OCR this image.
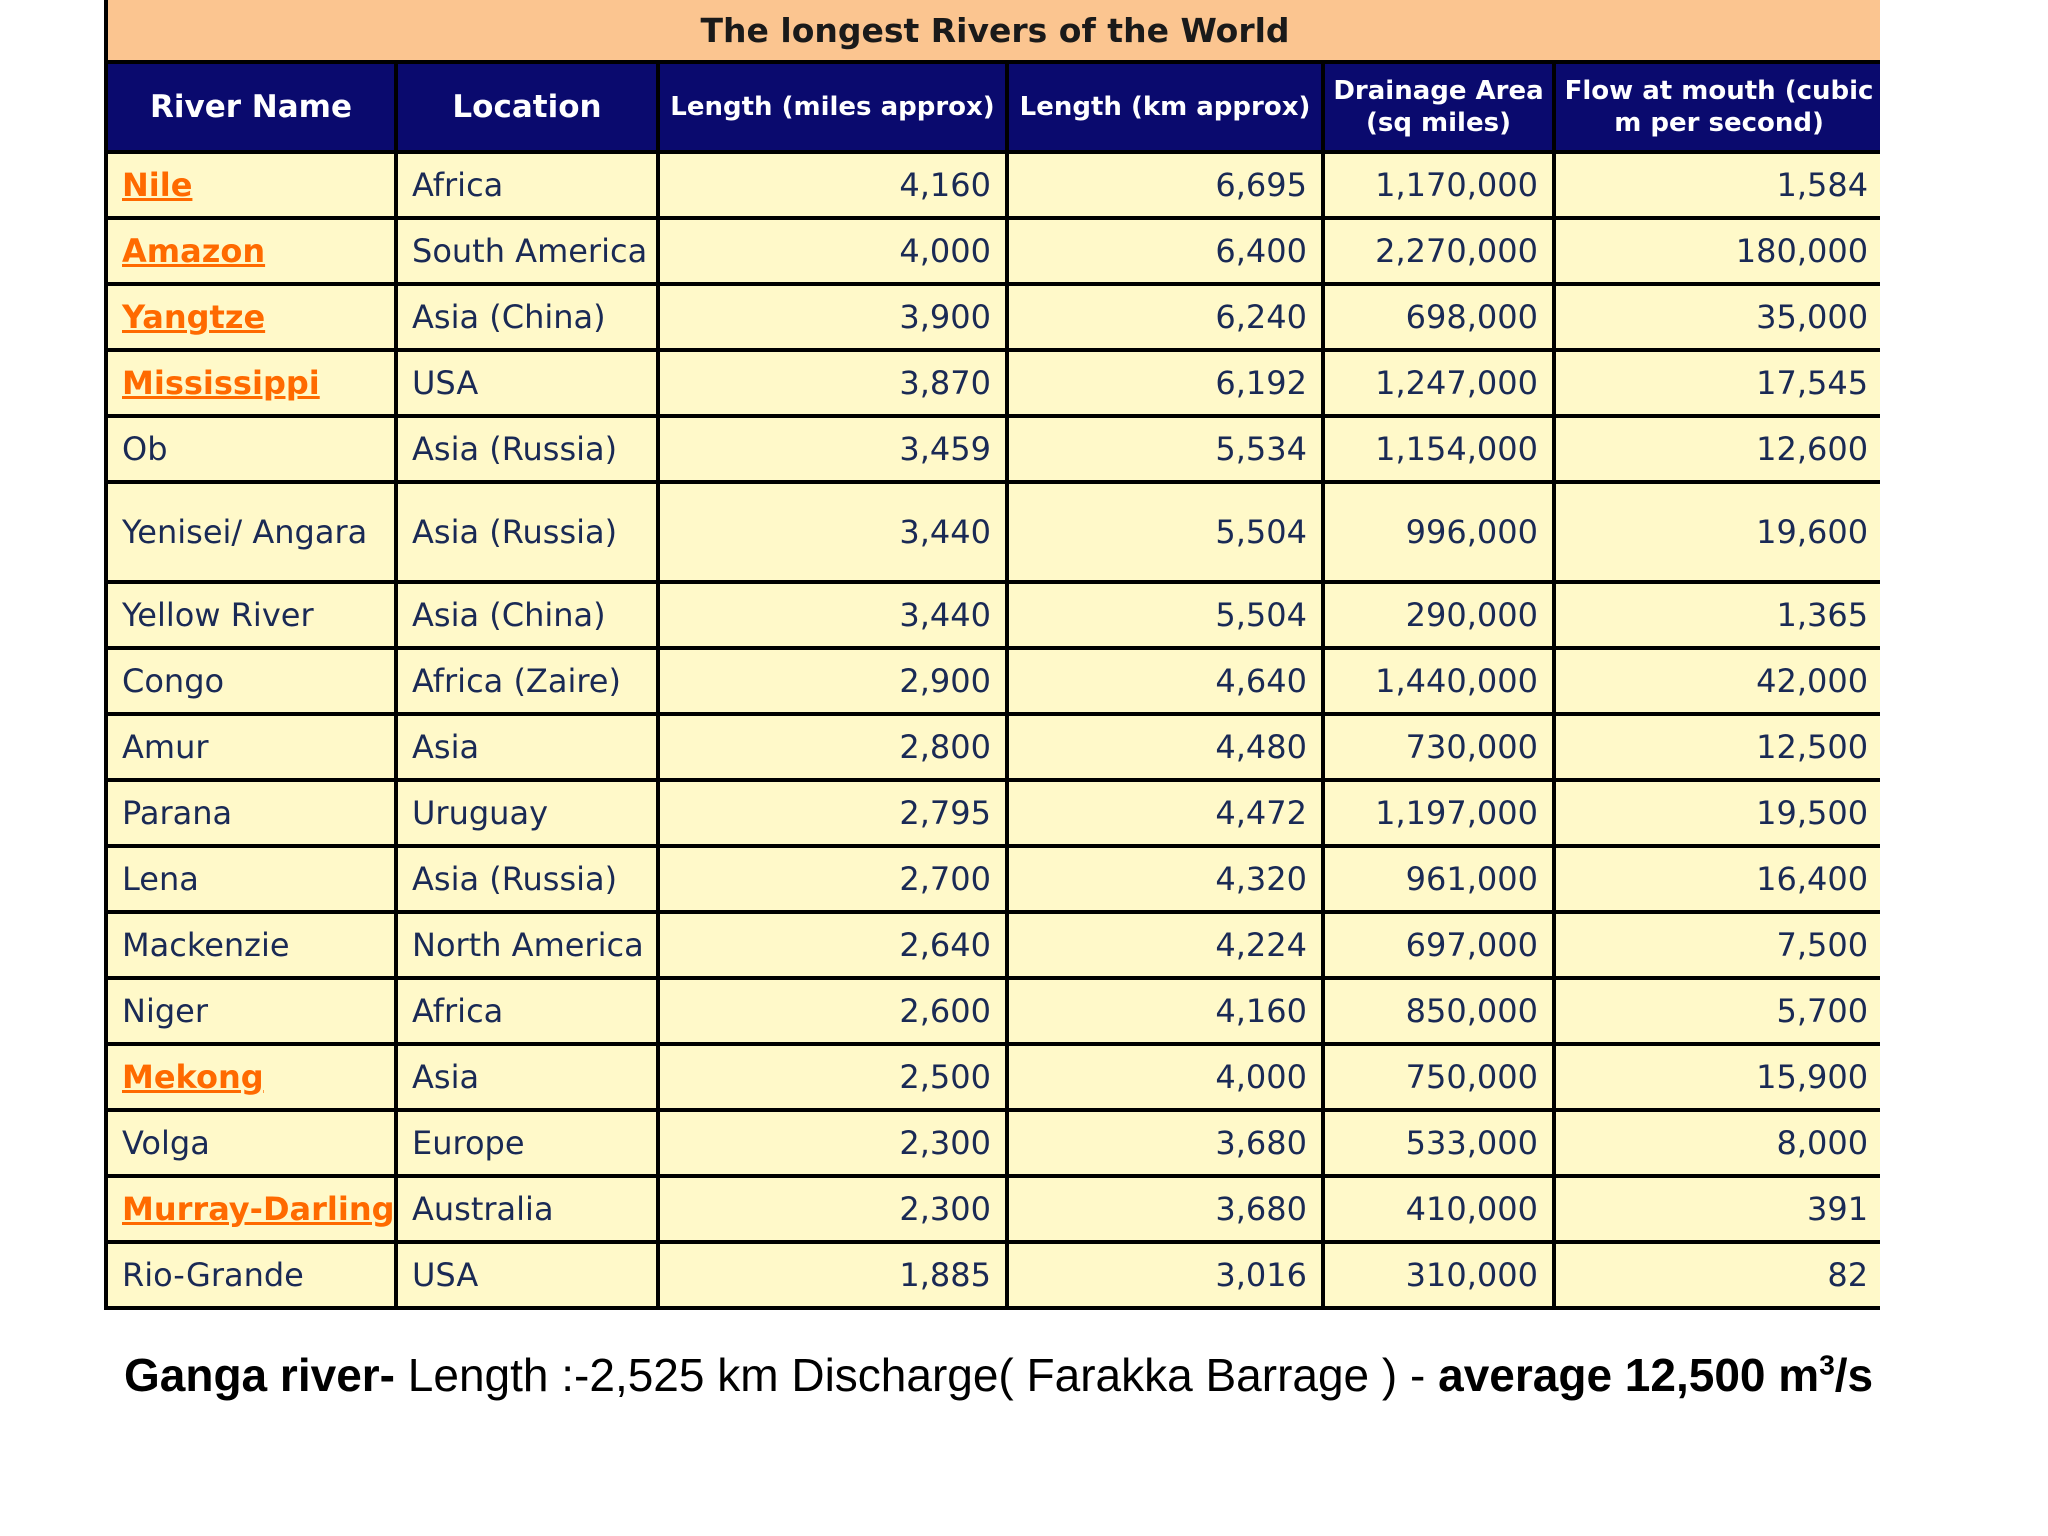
The longest Rivers of the World					
River Name	Location	Length (miles approx)	Length (km approx)	Drainage Area (sq miles)	Flow at mouth (cubic m per second)
Nile	Africa	4,160	6,695	1,170,000	1,584
Amazon	South America	4,000	6,400	2,270,000	180,000
Yangtze	Asia (China)	3,900	6,240	698,000	35,000
Mississippi	USA	3,870	6,192	1,247,000	17,545
Ob	Asia (Russia)	3,459	5,534	1,154,000	12,600
Yenisei/ Angara	Asia (Russia)	3,440	5,504	996,000	19,600
Yellow River	Asia (China)	3,440	5,504	290,000	1,365
Congo	Africa (Zaire)	2,900	4,640	1,440,000	42,000
Amur	Asia	2,800	4,480	730,000	12,500
Parana	Uruguay	2,795	4,472	1,197,000	19,500
Lena	Asia (Russia)	2,700	4,320	961,000	16,400
Mackenzie	North America	2,640	4,224	697,000	7,500
Niger	Africa	2,600	4,160	850,000	5,700
Mekong	Asia	2,500	4,000	750,000	15,900
Volga	Europe	2,300	3,680	533,000	8,000
Murray-Darling	Australia	2,300	3,680	410,000	391
Rio-Grande	USA	1,885	3,016	310,000	82
Ganga river- Length :-2,525 km Discharge( Farakka Barrage ) - average 12,500 $m^3/s$
